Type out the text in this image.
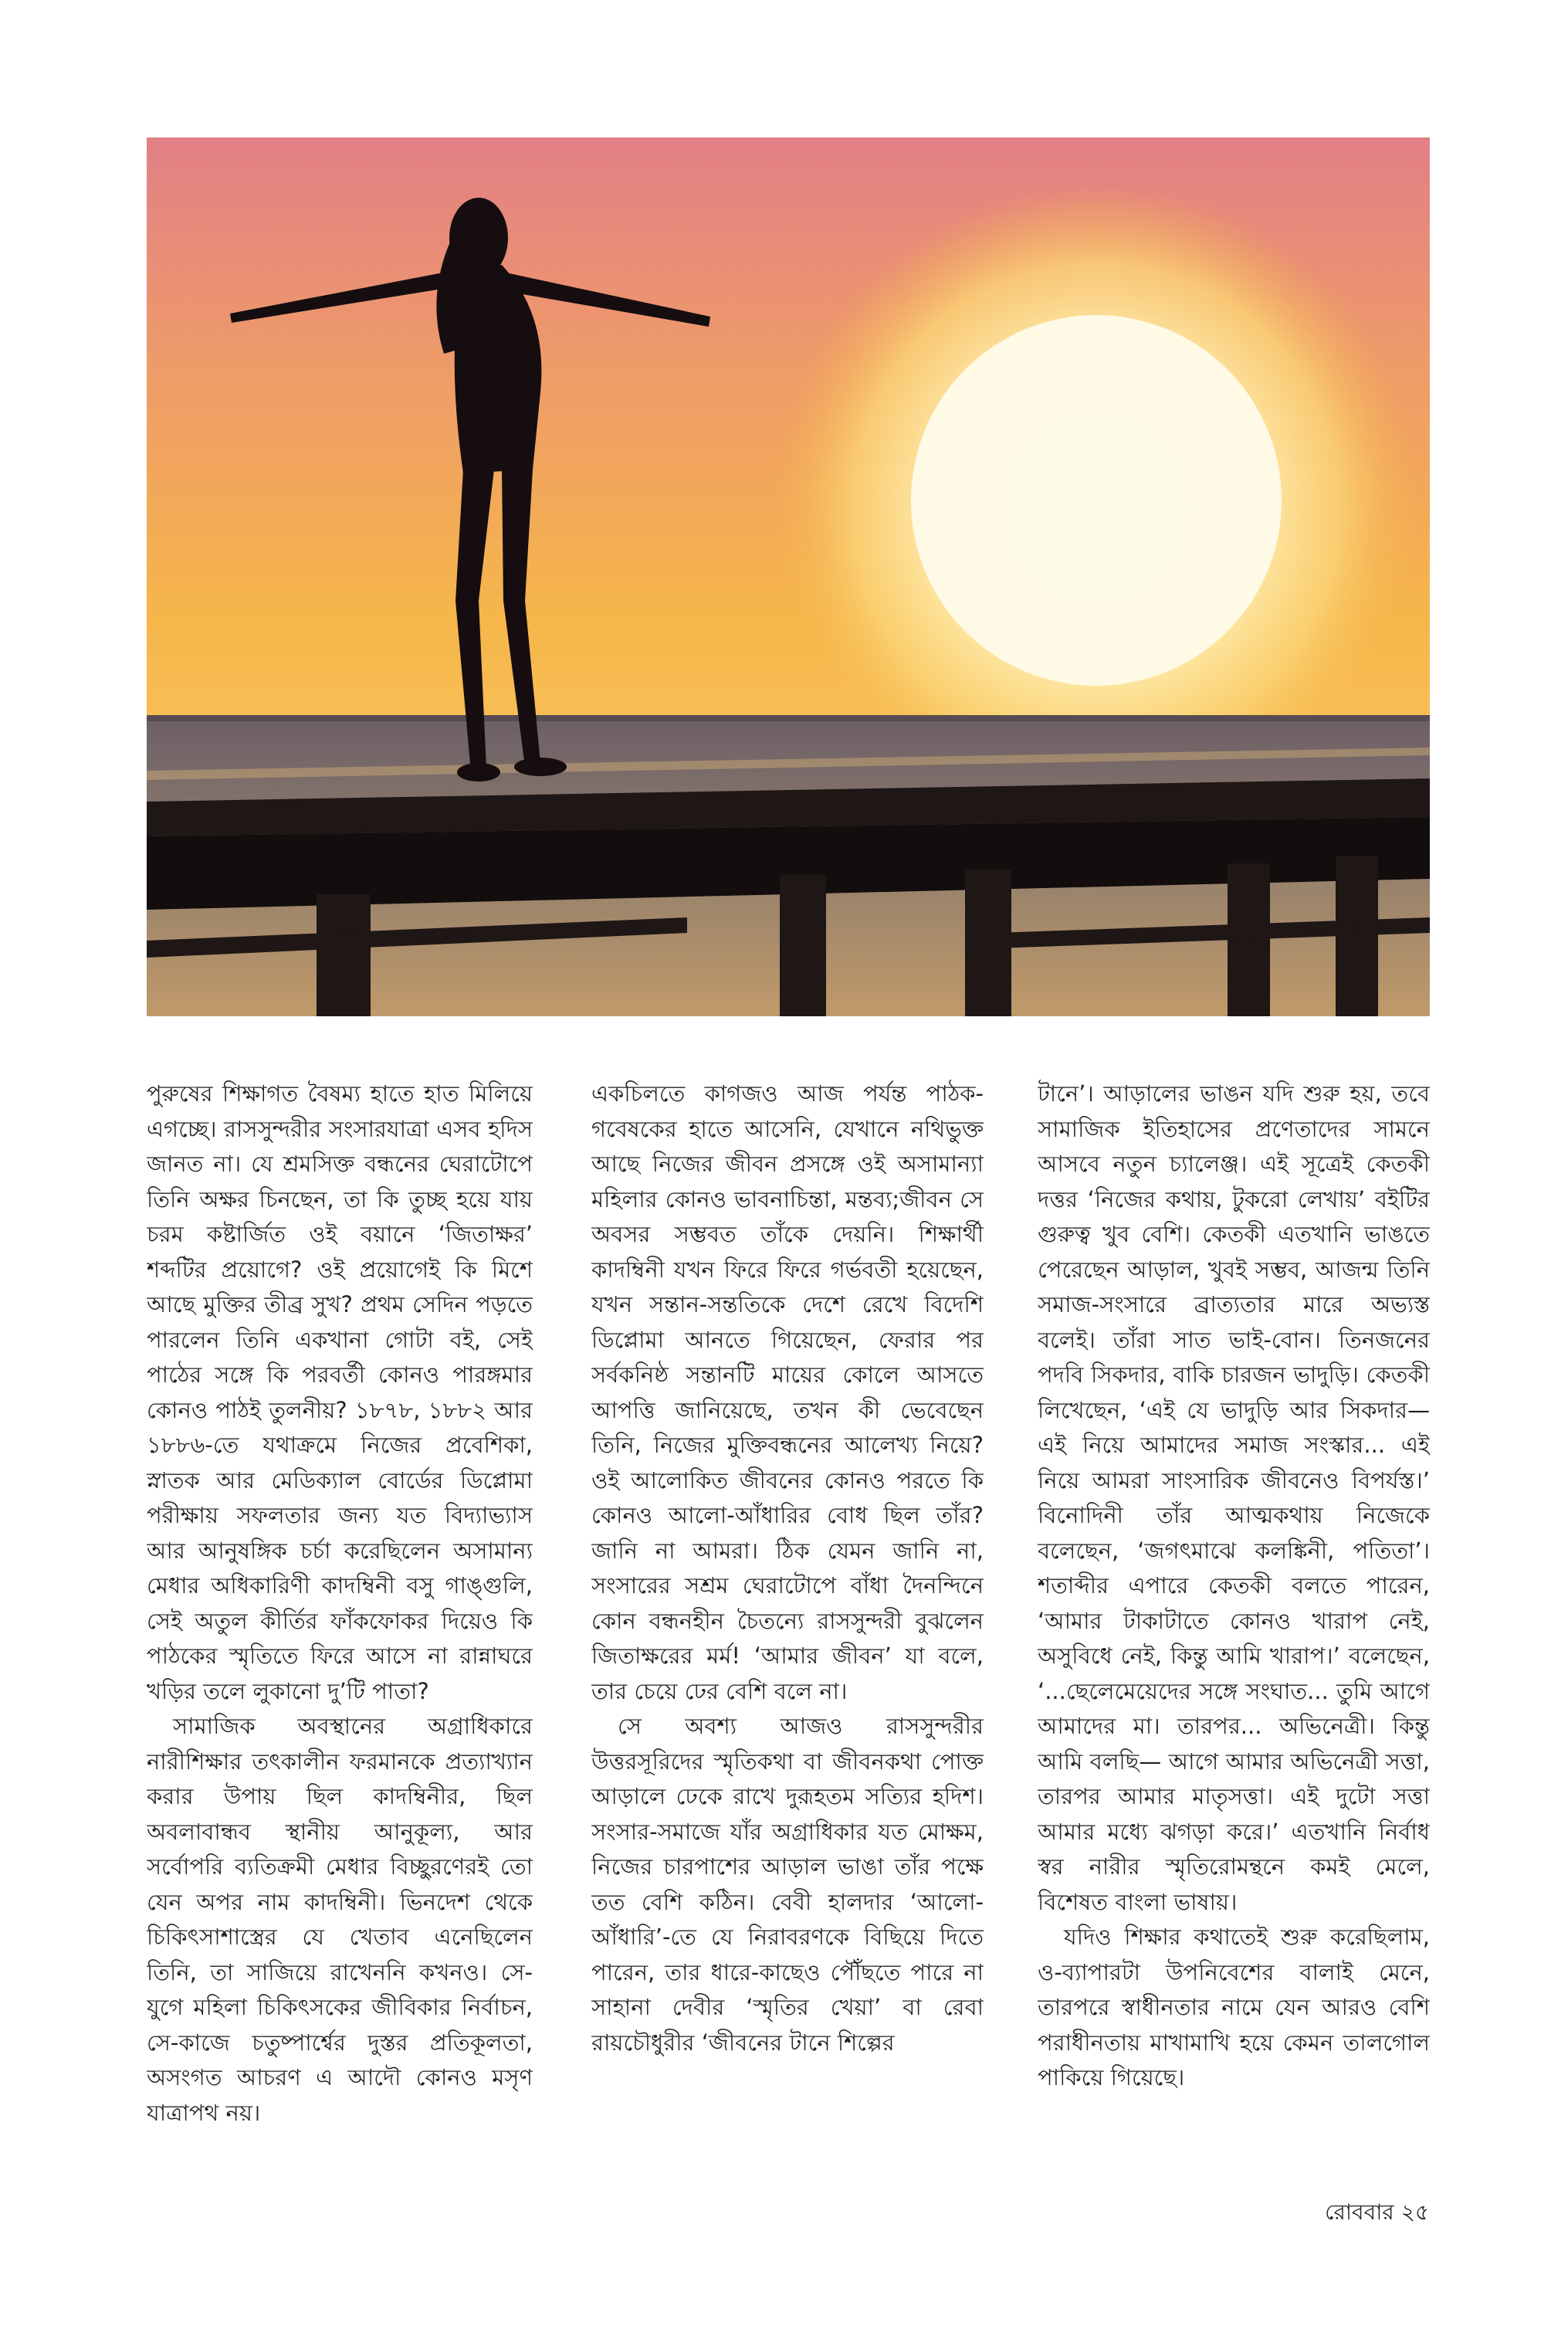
পুরুষের শিক্ষাগত বৈষম্য হাতে হাত মিলিয়ে এগচ্ছে। রাসসুন্দরীর সংসারযাত্রা এসব হদিস জানত না। যে শ্রমসিক্ত বন্ধনের ঘেরাটোপে তিনি অক্ষর চিনছেন, তা কি তুচ্ছ হয়ে যায় চরম কষ্টার্জিত ওই বয়ানে ‘জিতাক্ষর’ শব্দটির প্রয়োগে? ওই প্রয়োগেই কি মিশে আছে মুক্তির তীব্র সুখ? প্রথম সেদিন পড়তে পারলেন তিনি একখানা গোটা বই, সেই পাঠের সঙ্গে কি পরবর্তী কোনও পারঙ্গমার কোনও পাঠই তুলনীয়? ১৮৭৮, ১৮৮২ আর ১৮৮৬-তে যথাক্রমে নিজের প্রবেশিকা, স্নাতক আর মেডিক্যাল বোর্ডের ডিপ্লোমা পরীক্ষায় সফলতার জন্য যত বিদ্যাভ্যাস আর আনুষঙ্গিক চর্চা করেছিলেন অসামান্য মেধার অধিকারিণী কাদম্বিনী বসু গাঙ্গুলি, সেই অতুল কীর্তির ফাঁকফোকর দিয়েও কি পাঠকের স্মৃতিতে ফিরে আসে না রান্নাঘরে খড়ির তলে লুকানো দু’টি পাতা?

সামাজিক অবস্থানের অগ্রাধিকারে নারীশিক্ষার তৎকালীন ফরমানকে প্রত্যাখ্যান করার উপায় ছিল কাদম্বিনীর, ছিল অবলাবান্ধব স্থানীয় আনুকূল্য, আর সর্বোপরি ব্যতিক্রমী মেধার বিচ্ছুরণেরই তো যেন অপর নাম কাদম্বিনী। ভিনদেশ থেকে চিকিৎসাশাস্ত্রের যে খেতাব এনেছিলেন তিনি, তা সাজিয়ে রাখেননি কখনও। সে-যুগে মহিলা চিকিৎসকের জীবিকার নির্বাচন, সে-কাজে চতুষ্পার্শ্বের দুস্তর প্রতিকূলতা, অসংগত আচরণ এ আদৌ কোনও মসৃণ যাত্রাপথ নয়।

একচিলতে কাগজও আজ পর্যন্ত পাঠক-গবেষকের হাতে আসেনি, যেখানে নথিভুক্ত আছে নিজের জীবন প্রসঙ্গে ওই অসামান্যা মহিলার কোনও ভাবনাচিন্তা, মন্তব্য;জীবন সে অবসর সম্ভবত তাঁকে দেয়নি। শিক্ষার্থী কাদম্বিনী যখন ফিরে ফিরে গর্ভবতী হয়েছেন, যখন সন্তান-সন্ততিকে দেশে রেখে বিদেশি ডিপ্লোমা আনতে গিয়েছেন, ফেরার পর সর্বকনিষ্ঠ সন্তানটি মায়ের কোলে আসতে আপত্তি জানিয়েছে, তখন কী ভেবেছেন তিনি, নিজের মুক্তিবন্ধনের আলেখ্য নিয়ে? ওই আলোকিত জীবনের কোনও পরতে কি কোনও আলো-আঁধারির বোধ ছিল তাঁর? জানি না আমরা। ঠিক যেমন জানি না, সংসারের সশ্রম ঘেরাটোপে বাঁধা দৈনন্দিনে কোন বন্ধনহীন চৈতন্যে রাসসুন্দরী বুঝলেন জিতাক্ষরের মর্ম! ‘আমার জীবন’ যা বলে, তার চেয়ে ঢের বেশি বলে না।

সে অবশ্য আজও রাসসুন্দরীর উত্তরসূরিদের স্মৃতিকথা বা জীবনকথা পোক্ত আড়ালে ঢেকে রাখে দুরূহতম সত্যির হদিশ। সংসার-সমাজে যাঁর অগ্রাধিকার যত মোক্ষম, নিজের চারপাশের আড়াল ভাঙা তাঁর পক্ষে তত বেশি কঠিন। বেবী হালদার ‘আলো-আঁধারি’-তে যে নিরাবরণকে বিছিয়ে দিতে পারেন, তার ধারে-কাছেও পৌঁছতে পারে না সাহানা দেবীর ‘স্মৃতির খেয়া’ বা রেবা রায়চৌধুরীর ‘জীবনের টানে শিল্পের

টানে’। আড়ালের ভাঙন যদি শুরু হয়, তবে সামাজিক ইতিহাসের প্রণেতাদের সামনে আসবে নতুন চ্যালেঞ্জ। এই সূত্রেই কেতকী দত্তর ‘নিজের কথায়, টুকরো লেখায়’ বইটির গুরুত্ব খুব বেশি। কেতকী এতখানি ভাঙতে পেরেছেন আড়াল, খুবই সম্ভব, আজন্ম তিনি সমাজ-সংসারে ব্রাত্যতার মারে অভ্যস্ত বলেই। তাঁরা সাত ভাই-বোন। তিনজনের পদবি সিকদার, বাকি চারজন ভাদুড়ি। কেতকী লিখেছেন, ‘এই যে ভাদুড়ি আর সিকদার— এই নিয়ে আমাদের সমাজ সংস্কার... এই নিয়ে আমরা সাংসারিক জীবনেও বিপর্যস্ত।’ বিনোদিনী তাঁর আত্মকথায় নিজেকে বলেছেন, ‘জগৎমাঝে কলঙ্কিনী, পতিতা’। শতাব্দীর এপারে কেতকী বলতে পারেন, ‘আমার টাকাটাতে কোনও খারাপ নেই, অসুবিধে নেই, কিন্তু আমি খারাপ।’ বলেছেন, ‘...ছেলেমেয়েদের সঙ্গে সংঘাত... তুমি আগে আমাদের মা। তারপর... অভিনেত্রী। কিন্তু আমি বলছি— আগে আমার অভিনেত্রী সত্তা, তারপর আমার মাতৃসত্তা। এই দুটো সত্তা আমার মধ্যে ঝগড়া করে।’ এতখানি নির্বাধ স্বর নারীর স্মৃতিরোমন্থনে কমই মেলে, বিশেষত বাংলা ভাষায়।

যদিও শিক্ষার কথাতেই শুরু করেছিলাম, ও-ব্যাপারটা উপনিবেশের বালাই মেনে, তারপরে স্বাধীনতার নামে যেন আরও বেশি পরাধীনতায় মাখামাখি হয়ে কেমন তালগোল পাকিয়ে গিয়েছে।

রোববার ২৫
